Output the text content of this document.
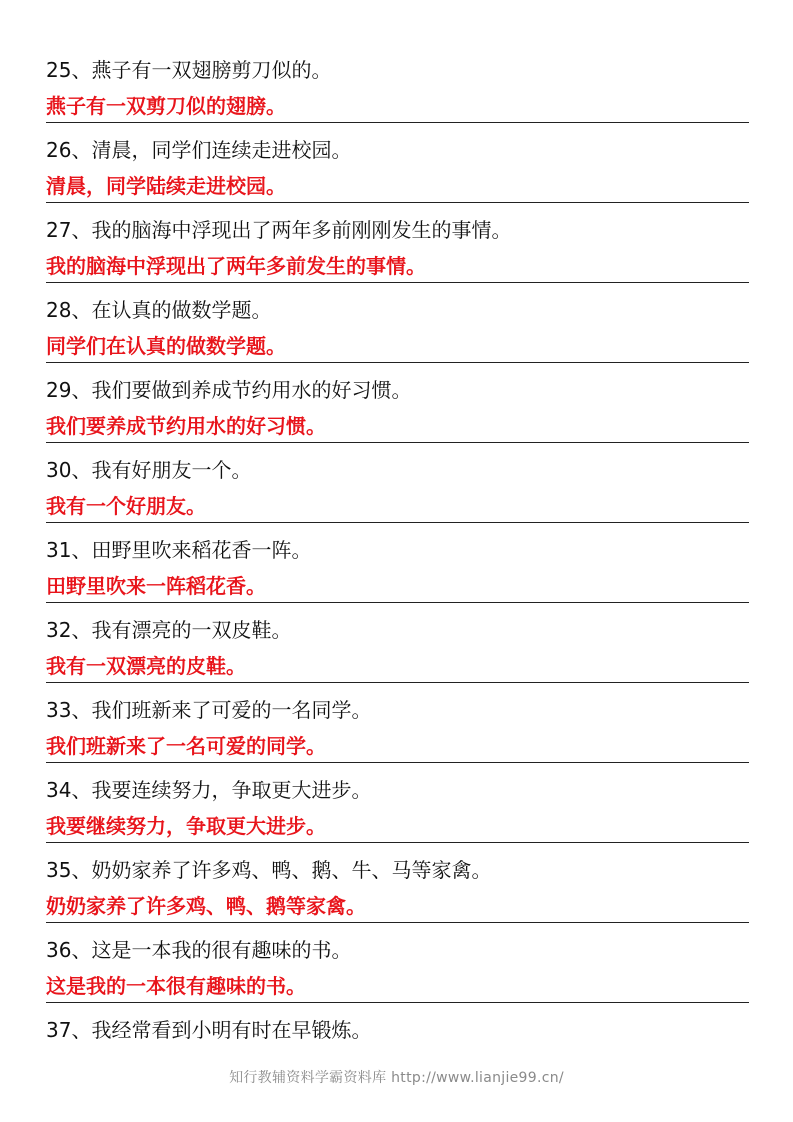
25、燕子有一双翅膀剪刀似的。
燕子有一双剪刀似的翅膀。
26、清晨，同学们连续走进校园。
清晨，同学陆续走进校园。
27、我的脑海中浮现出了两年多前刚刚发生的事情。
我的脑海中浮现出了两年多前发生的事情。
28、在认真的做数学题。
同学们在认真的做数学题。
29、我们要做到养成节约用水的好习惯。
我们要养成节约用水的好习惯。
30、我有好朋友一个。
我有一个好朋友。
31、田野里吹来稻花香一阵。
田野里吹来一阵稻花香。
32、我有漂亮的一双皮鞋。
我有一双漂亮的皮鞋。
33、我们班新来了可爱的一名同学。
我们班新来了一名可爱的同学。
34、我要连续努力，争取更大进步。
我要继续努力，争取更大进步。
35、奶奶家养了许多鸡、鸭、鹅、牛、马等家禽。
奶奶家养了许多鸡、鸭、鹅等家禽。
36、这是一本我的很有趣味的书。
这是我的一本很有趣味的书。
37、我经常看到小明有时在早锻炼。
知行教辅资料学霸资料库 http://www.lianjie99.cn/
